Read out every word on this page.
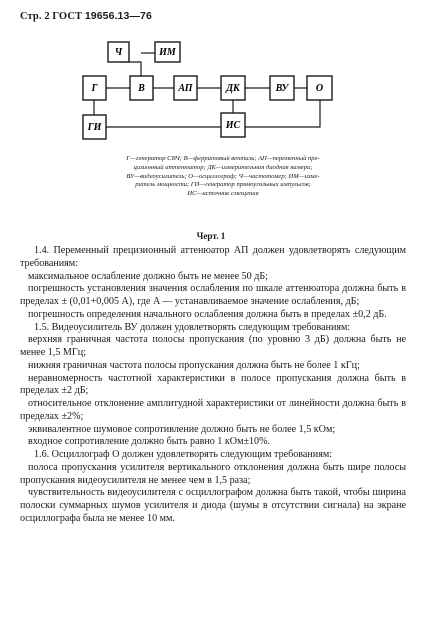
Стр. 2 ГОСТ 19656.13—76
Ч	ИМ
Г	В	АП	ДК	ВУ	О
ГИ	ИС
Г—генератор СВЧ; В—ферритовый вентиль; АП—переменный пре-
цизионный аттенюатор; ДК—измерительная диодная камера;
ВУ—видеоусилитель; О—осциллограф; Ч—частотомер; ИМ—изме-
ритель мощности; ГИ—генератор прямоугольных импульсов;
ИС—источник смещения
Черт. 1

1.4. Переменный прецизионный аттенюатор АП должен удовлетворять следующим требованиям:

максимальное ослабление должно быть не менее 50 дБ;

погрешность установления значения ослабления по шкале аттенюатора должна быть в пределах ± (0,01+0,005 A), где A — устанавливаемое значение ослабления, дБ;

погрешность определения начального ослабления должна быть в пределах ±0,2 дБ.

1.5. Видеоусилитель ВУ должен удовлетворять следующим требованиям:

верхняя граничная частота полосы пропускания (по уровню 3 дБ) должна быть не менее 1,5 МГц;

нижняя граничная частота полосы пропускания должна быть не более 1 кГц;

неравномерность частотной характеристики в полосе пропускания должна быть в пределах ±2 дБ;

относительное отклонение амплитудной характеристики от линейности должна быть в пределах ±2%;

эквивалентное шумовое сопротивление должно быть не более 1,5 кОм;

входное сопротивление должно быть равно 1 кОм±10%.

1.6. Осциллограф О должен удовлетворять следующим требованиям:

полоса пропускания усилителя вертикального отклонения должна быть шире полосы пропускания видеоусилителя не менее чем в 1,5 раза;

чувствительность видеоусилителя с осциллографом должна быть такой, чтобы ширина полоски суммарных шумов усилителя и диода (шумы в отсутствии сигнала) на экране осциллографа была не менее 10 мм.
